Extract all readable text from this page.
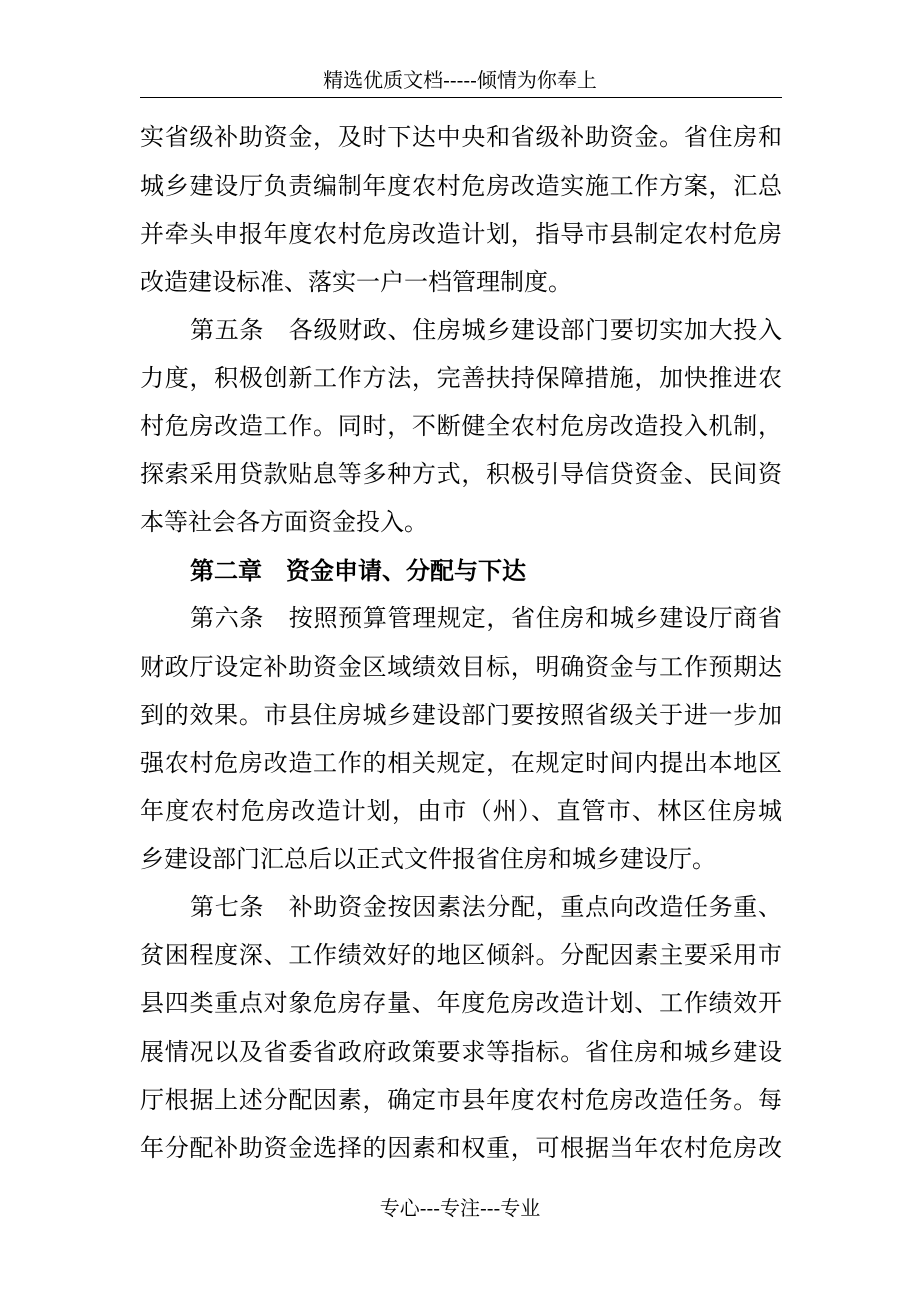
精选优质文档-----倾情为你奉上
实省级补助资金，及时下达中央和省级补助资金。省住房和
城乡建设厅负责编制年度农村危房改造实施工作方案，汇总
并牵头申报年度农村危房改造计划，指导市县制定农村危房
改造建设标准、落实一户一档管理制度。
第五条　各级财政、住房城乡建设部门要切实加大投入
力度，积极创新工作方法，完善扶持保障措施，加快推进农
村危房改造工作。同时，不断健全农村危房改造投入机制，
探索采用贷款贴息等多种方式，积极引导信贷资金、民间资
本等社会各方面资金投入。
第二章　资金申请、分配与下达
第六条　按照预算管理规定，省住房和城乡建设厅商省
财政厅设定补助资金区域绩效目标，明确资金与工作预期达
到的效果。市县住房城乡建设部门要按照省级关于进一步加
强农村危房改造工作的相关规定，在规定时间内提出本地区
年度农村危房改造计划，由市（州）、直管市、林区住房城
乡建设部门汇总后以正式文件报省住房和城乡建设厅。
第七条　补助资金按因素法分配，重点向改造任务重、
贫困程度深、工作绩效好的地区倾斜。分配因素主要采用市
县四类重点对象危房存量、年度危房改造计划、工作绩效开
展情况以及省委省政府政策要求等指标。省住房和城乡建设
厅根据上述分配因素，确定市县年度农村危房改造任务。每
年分配补助资金选择的因素和权重，可根据当年农村危房改
专心---专注---专业
